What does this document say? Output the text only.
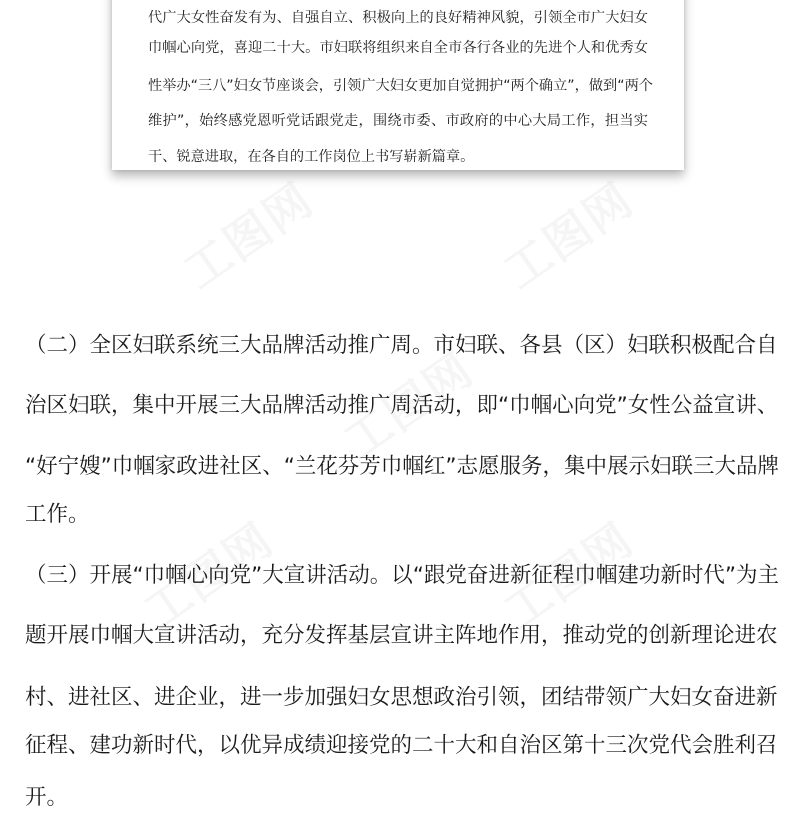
工图网	工图网
工图网
工图网	工图网
代广大女性奋发有为、自强自立、积极向上的良好精神风貌，引领全市广大妇女
巾帼心向党，喜迎二十大。市妇联将组织来自全市各行各业的先进个人和优秀女
性举办“三八”妇女节座谈会，引领广大妇女更加自觉拥护“两个确立”，做到“两个
维护”，始终感党恩听党话跟党走，围绕市委、市政府的中心大局工作，担当实
干、锐意进取，在各自的工作岗位上书写崭新篇章。
（二）全区妇联系统三大品牌活动推广周。市妇联、各县（区）妇联积极配合自
治区妇联，集中开展三大品牌活动推广周活动，即“巾帼心向党”女性公益宣讲、
“好宁嫂”巾帼家政进社区、“兰花芬芳巾帼红”志愿服务，集中展示妇联三大品牌
工作。
（三）开展“巾帼心向党”大宣讲活动。以“跟党奋进新征程巾帼建功新时代”为主
题开展巾帼大宣讲活动，充分发挥基层宣讲主阵地作用，推动党的创新理论进农
村、进社区、进企业，进一步加强妇女思想政治引领，团结带领广大妇女奋进新
征程、建功新时代，以优异成绩迎接党的二十大和自治区第十三次党代会胜利召
开。
